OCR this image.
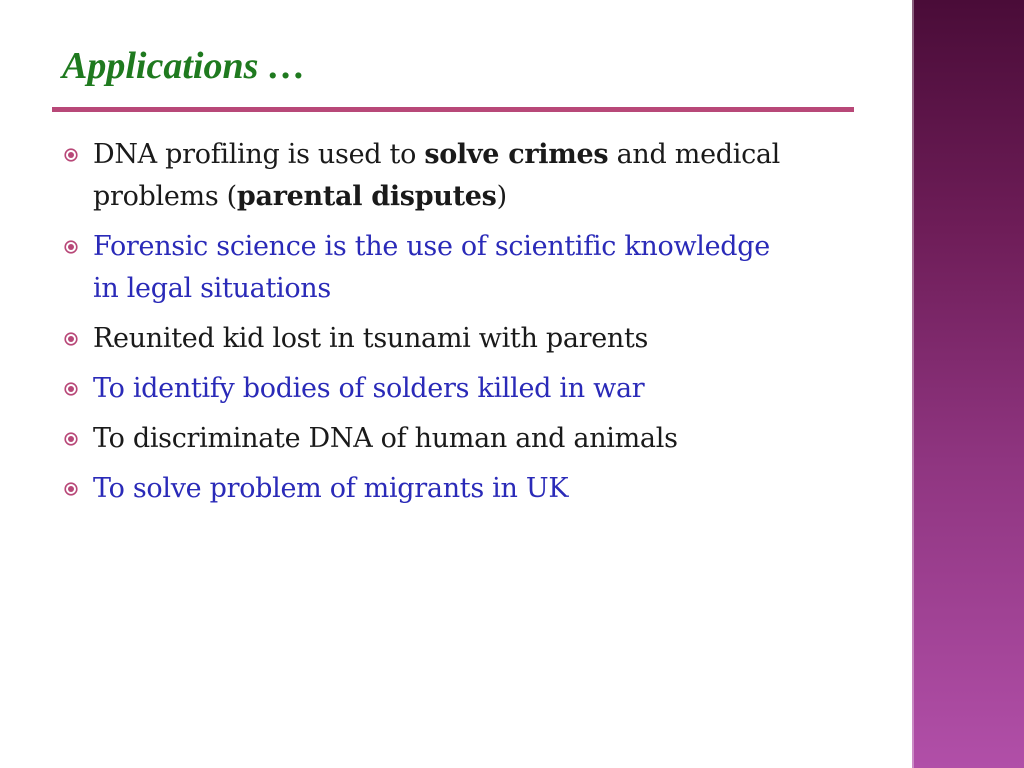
Applications …
DNA profiling is used to solve crimes and medical
problems (parental disputes)
Forensic science is the use of scientific knowledge
in legal situations
Reunited kid lost in tsunami with parents
To identify bodies of solders killed in war
To discriminate DNA of human and animals
To solve problem of migrants in UK
